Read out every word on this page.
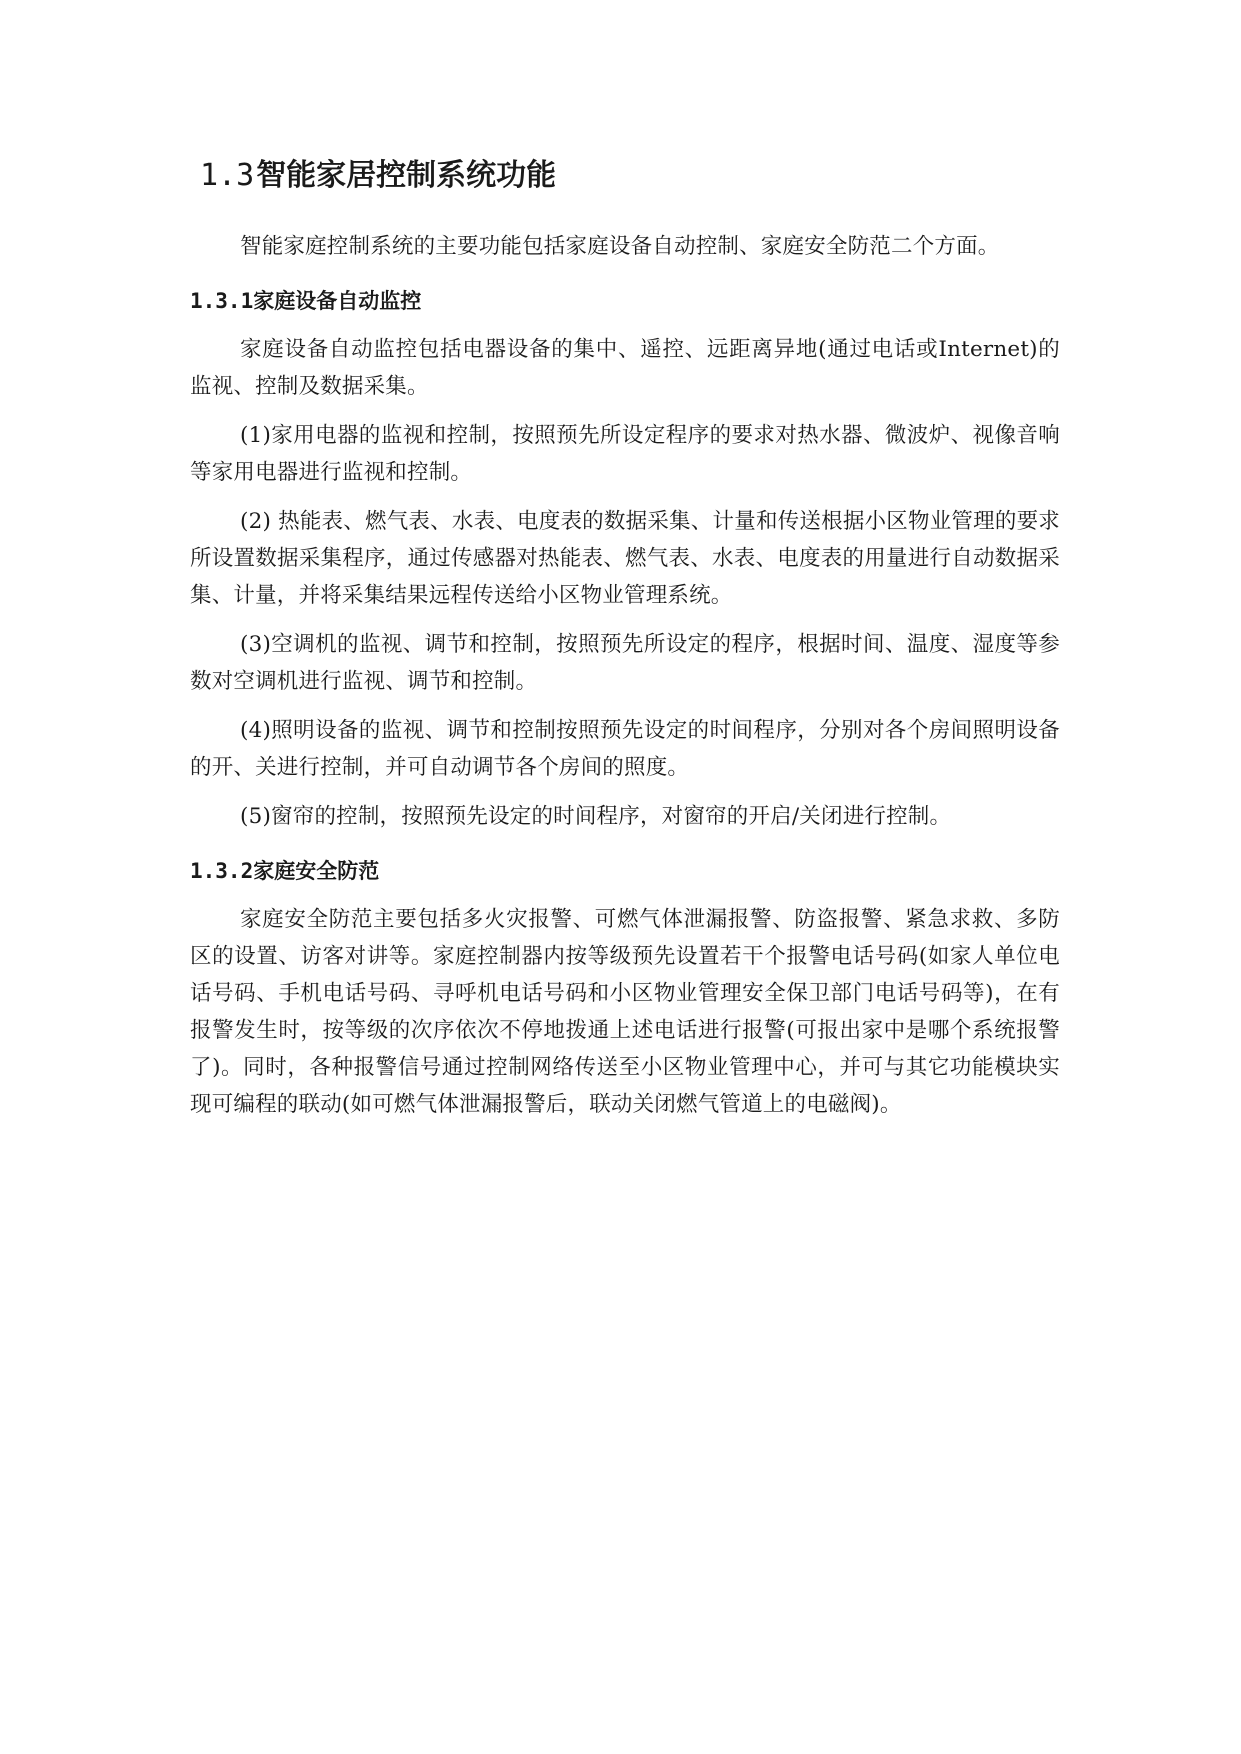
1.3智能家居控制系统功能
智能家庭控制系统的主要功能包括家庭设备自动控制、家庭安全防范二个方面。
1.3.1家庭设备自动监控
家庭设备自动监控包括电器设备的集中、遥控、远距离异地(通过电话或Internet)的监视、控制及数据采集。
(1)家用电器的监视和控制，按照预先所设定程序的要求对热水器、微波炉、视像音响等家用电器进行监视和控制。
(2) 热能表、燃气表、水表、电度表的数据采集、计量和传送根据小区物业管理的要求所设置数据采集程序，通过传感器对热能表、燃气表、水表、电度表的用量进行自动数据采集、计量，并将采集结果远程传送给小区物业管理系统。
(3)空调机的监视、调节和控制，按照预先所设定的程序，根据时间、温度、湿度等参数对空调机进行监视、调节和控制。
(4)照明设备的监视、调节和控制按照预先设定的时间程序，分别对各个房间照明设备的开、关进行控制，并可自动调节各个房间的照度。
(5)窗帘的控制，按照预先设定的时间程序，对窗帘的开启/关闭进行控制。
1.3.2家庭安全防范
家庭安全防范主要包括多火灾报警、可燃气体泄漏报警、防盗报警、紧急求救、多防区的设置、访客对讲等。家庭控制器内按等级预先设置若干个报警电话号码(如家人单位电话号码、手机电话号码、寻呼机电话号码和小区物业管理安全保卫部门电话号码等)，在有报警发生时，按等级的次序依次不停地拨通上述电话进行报警(可报出家中是哪个系统报警了)。同时，各种报警信号通过控制网络传送至小区物业管理中心，并可与其它功能模块实现可编程的联动(如可燃气体泄漏报警后，联动关闭燃气管道上的电磁阀)。
